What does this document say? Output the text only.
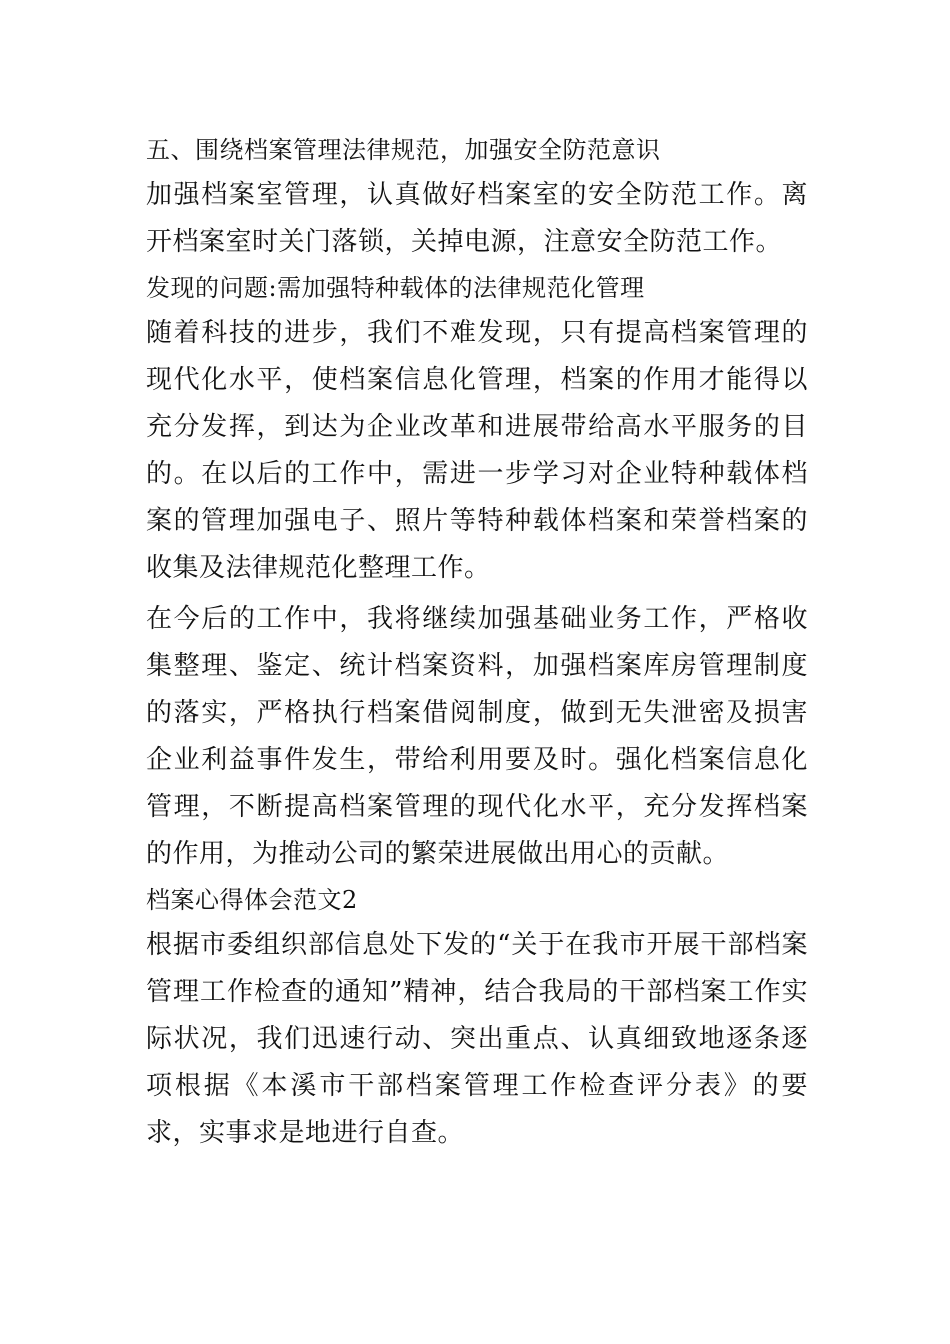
五、围绕档案管理法律规范，加强安全防范意识

加强档案室管理，认真做好档案室的安全防范工作。离开档案室时关门落锁，关掉电源，注意安全防范工作。

发现的问题:需加强特种载体的法律规范化管理

随着科技的进步，我们不难发现，只有提高档案管理的现代化水平，使档案信息化管理，档案的作用才能得以充分发挥，到达为企业改革和进展带给高水平服务的目的。在以后的工作中，需进一步学习对企业特种载体档案的管理加强电子、照片等特种载体档案和荣誉档案的收集及法律规范化整理工作。

在今后的工作中，我将继续加强基础业务工作，严格收集整理、鉴定、统计档案资料，加强档案库房管理制度的落实，严格执行档案借阅制度，做到无失泄密及损害企业利益事件发生，带给利用要及时。强化档案信息化管理，不断提高档案管理的现代化水平，充分发挥档案的作用，为推动公司的繁荣进展做出用心的贡献。

档案心得体会范文2

根据市委组织部信息处下发的“关于在我市开展干部档案管理工作检查的通知”精神，结合我局的干部档案工作实际状况，我们迅速行动、突出重点、认真细致地逐条逐项根据《本溪市干部档案管理工作检查评分表》的要求，实事求是地进行自查。
